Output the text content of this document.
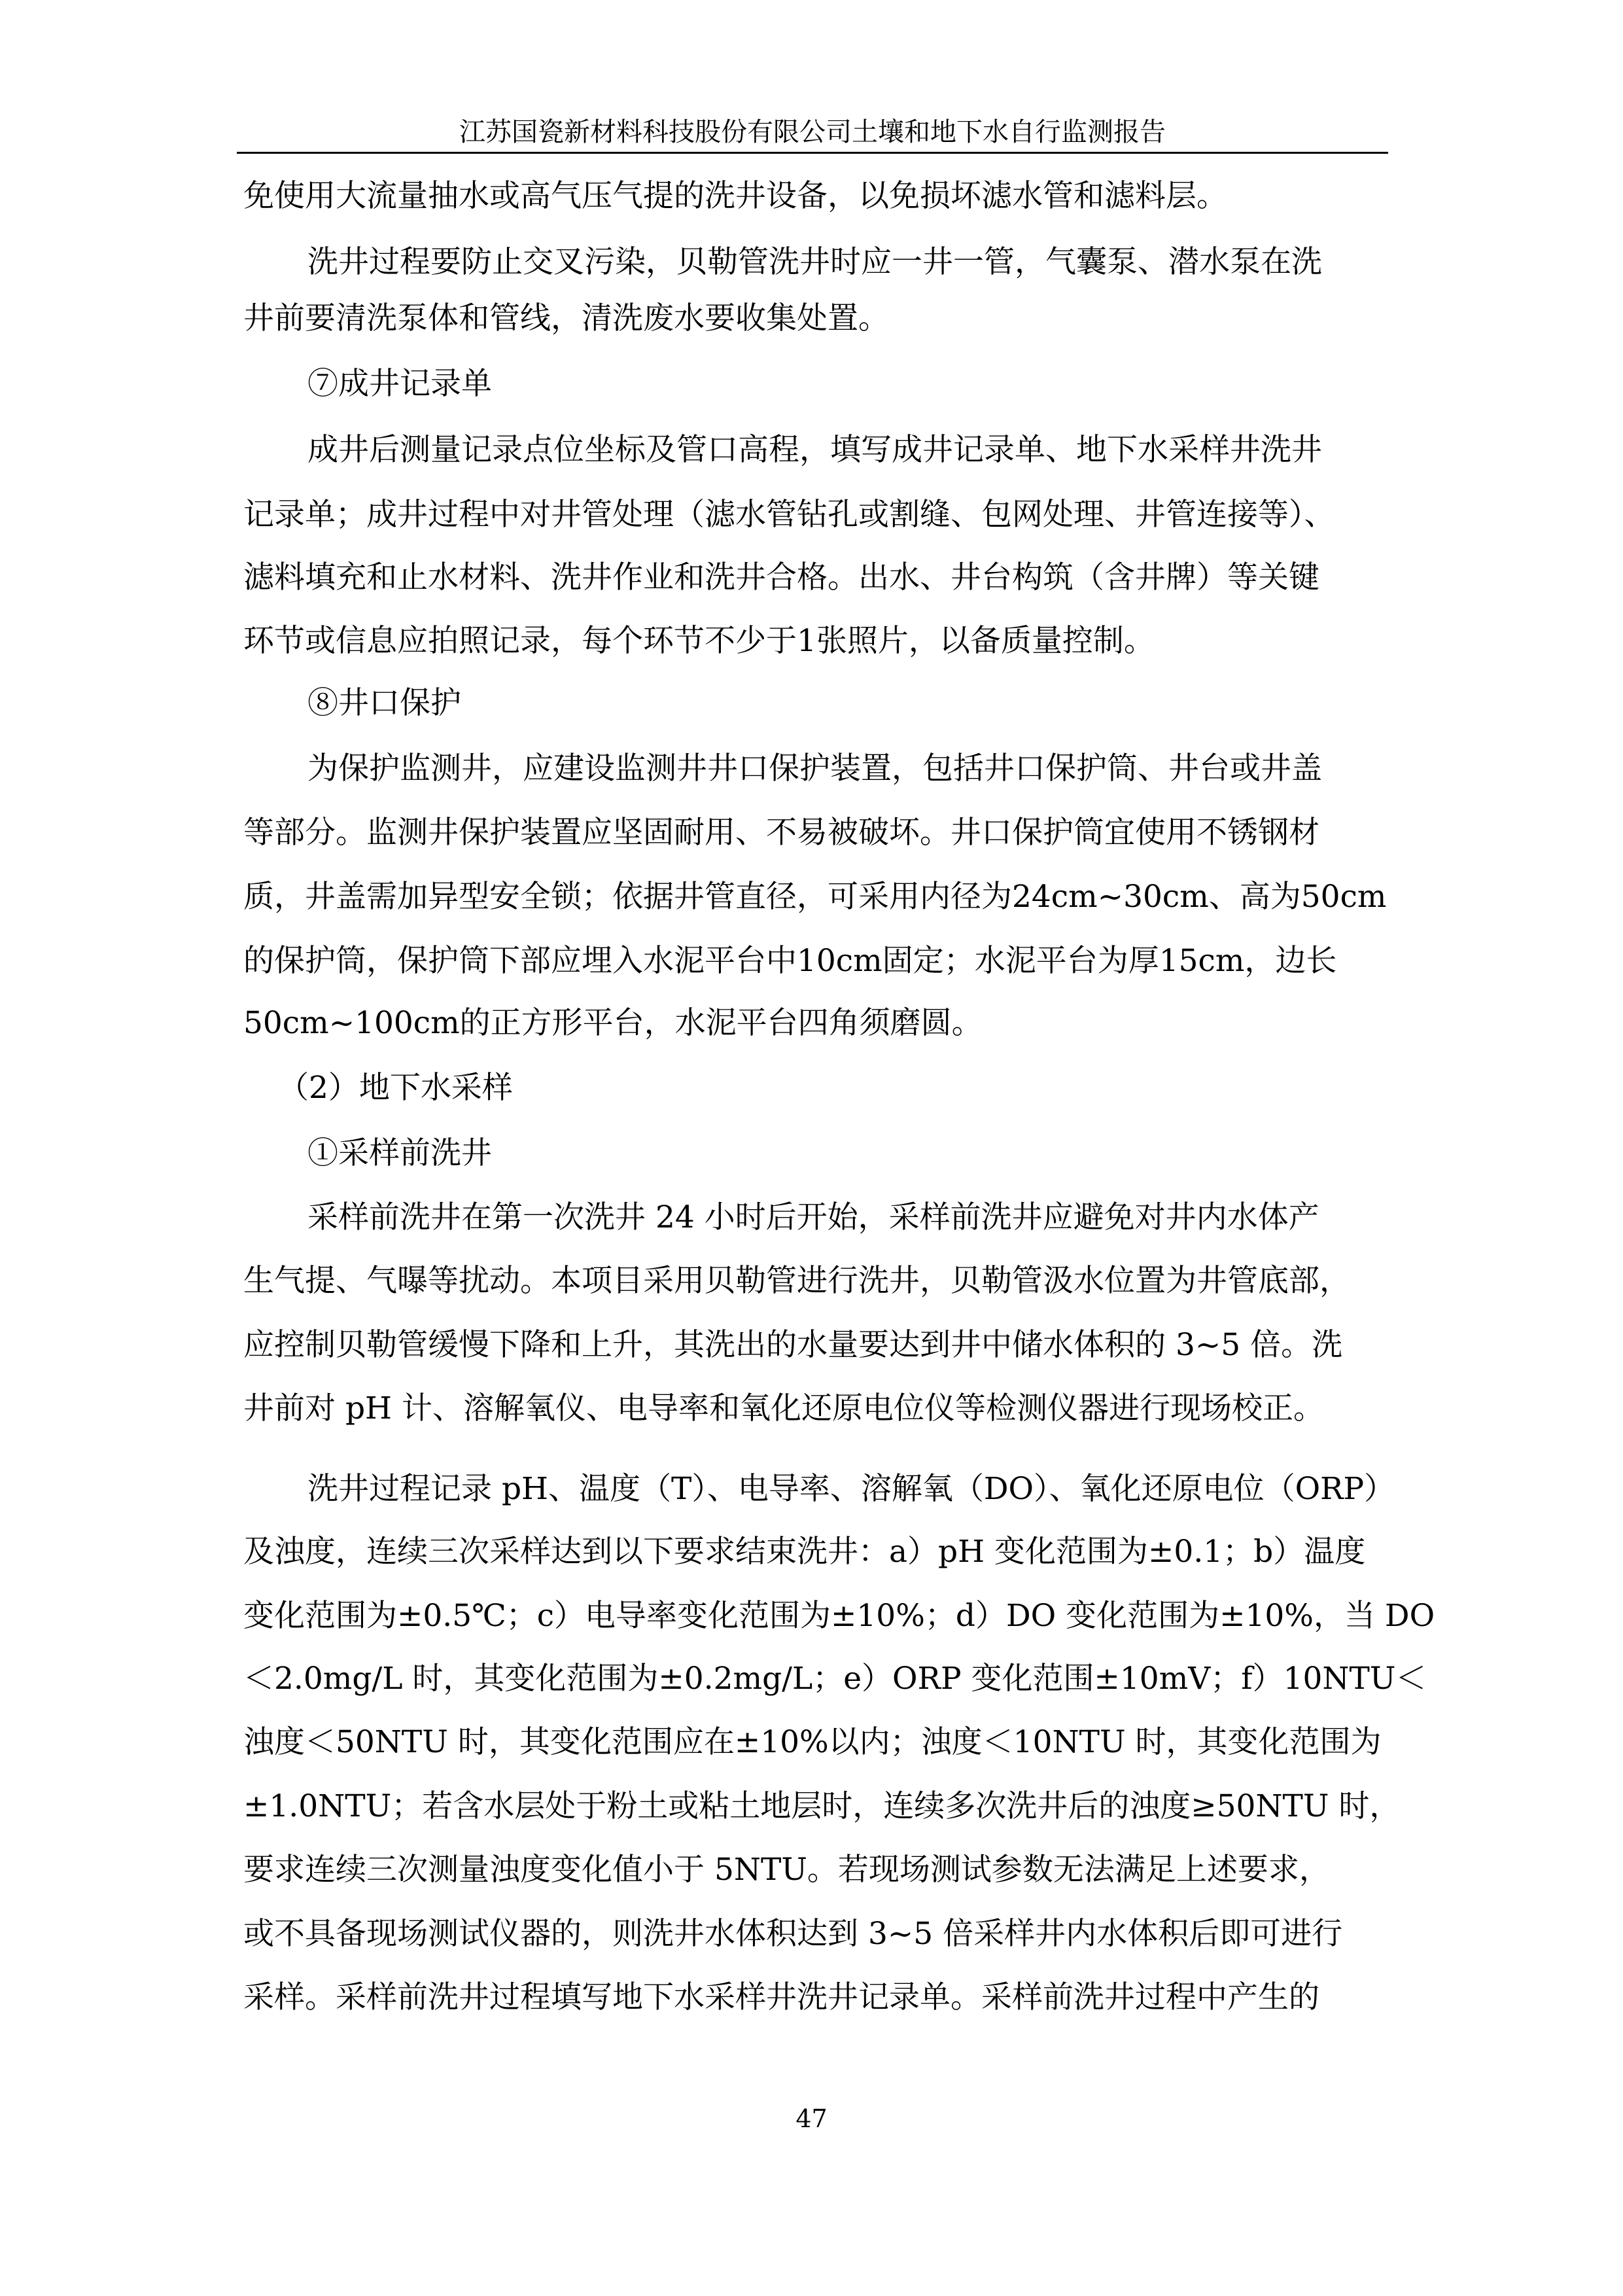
江苏国瓷新材料科技股份有限公司土壤和地下水自行监测报告
免使用大流量抽水或高气压气提的洗井设备，以免损坏滤水管和滤料层。
洗井过程要防止交叉污染，贝勒管洗井时应一井一管，气囊泵、潜水泵在洗
井前要清洗泵体和管线，清洗废水要收集处置。
⑦成井记录单
成井后测量记录点位坐标及管口高程，填写成井记录单、地下水采样井洗井
记录单；成井过程中对井管处理（滤水管钻孔或割缝、包网处理、井管连接等）、
滤料填充和止水材料、洗井作业和洗井合格。出水、井台构筑（含井牌）等关键
环节或信息应拍照记录，每个环节不少于1张照片，以备质量控制。
⑧井口保护
为保护监测井，应建设监测井井口保护装置，包括井口保护筒、井台或井盖
等部分。监测井保护装置应坚固耐用、不易被破坏。井口保护筒宜使用不锈钢材
质，井盖需加异型安全锁；依据井管直径，可采用内径为24cm~30cm、高为50cm
的保护筒，保护筒下部应埋入水泥平台中10cm固定；水泥平台为厚15cm，边长
50cm~100cm的正方形平台，水泥平台四角须磨圆。
（2）地下水采样
①采样前洗井
采样前洗井在第一次洗井 24 小时后开始，采样前洗井应避免对井内水体产
生气提、气曝等扰动。本项目采用贝勒管进行洗井，贝勒管汲水位置为井管底部，
应控制贝勒管缓慢下降和上升，其洗出的水量要达到井中储水体积的 3~5 倍。洗
井前对 pH 计、溶解氧仪、电导率和氧化还原电位仪等检测仪器进行现场校正。
洗井过程记录 pH、温度（T）、电导率、溶解氧（DO）、氧化还原电位（ORP）
及浊度，连续三次采样达到以下要求结束洗井：a）pH 变化范围为±0.1；b）温度
变化范围为±0.5℃；c）电导率变化范围为±10%；d）DO 变化范围为±10%，当 DO
＜2.0mg/L 时，其变化范围为±0.2mg/L；e）ORP 变化范围±10mV；f）10NTU＜
浊度＜50NTU 时，其变化范围应在±10%以内；浊度＜10NTU 时，其变化范围为
±1.0NTU；若含水层处于粉土或粘土地层时，连续多次洗井后的浊度≥50NTU 时，
要求连续三次测量浊度变化值小于 5NTU。若现场测试参数无法满足上述要求，
或不具备现场测试仪器的，则洗井水体积达到 3~5 倍采样井内水体积后即可进行
采样。采样前洗井过程填写地下水采样井洗井记录单。采样前洗井过程中产生的
47
